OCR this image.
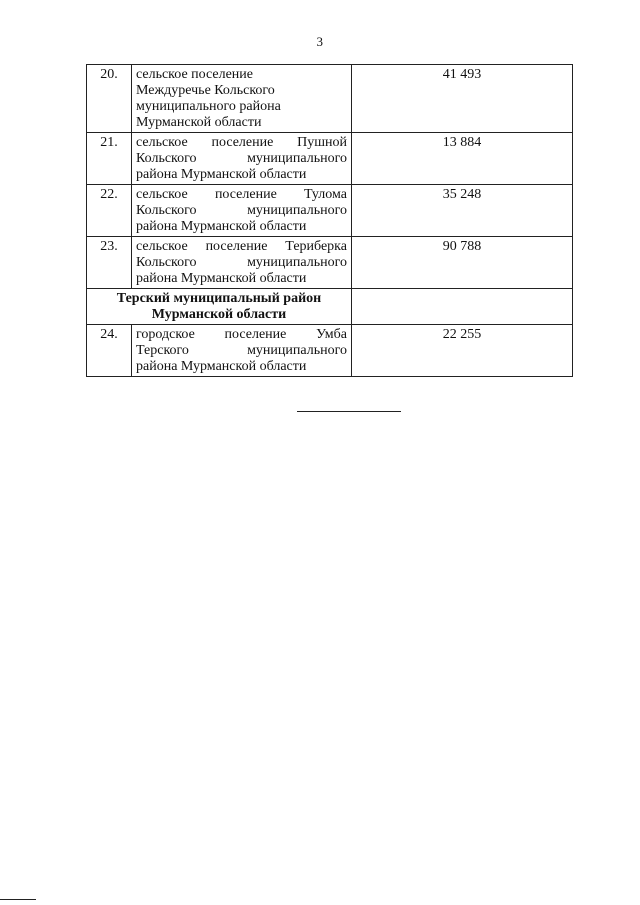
3
20.	сельское поселение
Междуречье Кольского
муниципального района
Мурманской области	41 493
21.	сельское поселение Пушной
Кольского муниципального
района Мурманской области	13 884
22.	сельское поселение Тулома
Кольского муниципального
района Мурманской области	35 248
23.	сельское поселение Териберка
Кольского муниципального
района Мурманской области	90 788

Терский муниципальный район
Мурманской области		

24.	городское поселение Умба
Терского муниципального
района Мурманской области	22 255
